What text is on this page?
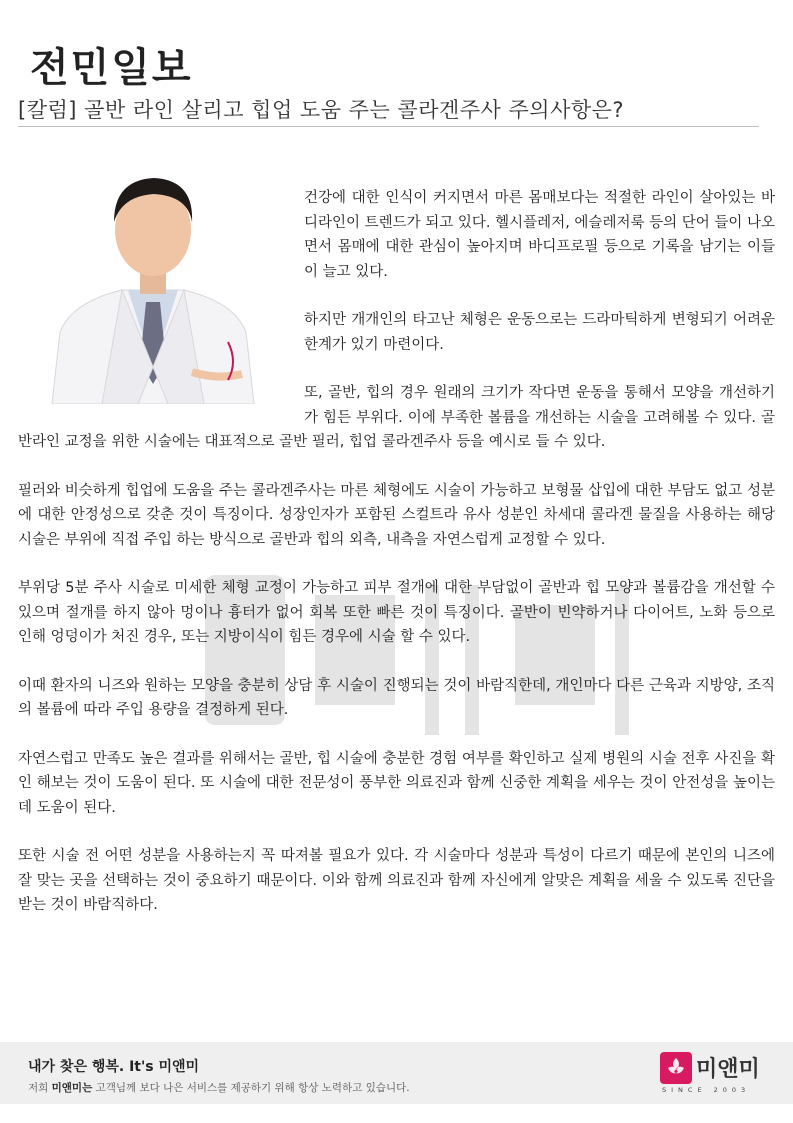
전민일보
[칼럼] 골반 라인 살리고 힙업 도움 주는 콜라겐주사 주의사항은?

건강에 대한 인식이 커지면서 마른 몸매보다는 적절한 라인이 살아있는 바디라인이 트렌드가 되고 있다. 헬시플레저, 에슬레저룩 등의 단어 들이 나오면서 몸매에 대한 관심이 높아지며 바디프로필 등으로 기록을 남기는 이들이 늘고 있다.

하지만 개개인의 타고난 체형은 운동으로는 드라마틱하게 변형되기 어려운 한계가 있기 마련이다.

또, 골반, 힙의 경우 원래의 크기가 작다면 운동을 통해서 모양을 개선하기가 힘든 부위다. 이에 부족한 볼륨을 개선하는 시술을 고려해볼 수 있다. 골반라인 교정을 위한 시술에는 대표적으로 골반 필러, 힙업 콜라겐주사 등을 예시로 들 수 있다.

필러와 비슷하게 힙업에 도움을 주는 콜라겐주사는 마른 체형에도 시술이 가능하고 보형물 삽입에 대한 부담도 없고 성분에 대한 안정성으로 갖춘 것이 특징이다. 성장인자가 포함된 스컬트라 유사 성분인 차세대 콜라겐 물질을 사용하는 해당 시술은 부위에 직접 주입 하는 방식으로 골반과 힙의 외측, 내측을 자연스럽게 교정할 수 있다.

부위당 5분 주사 시술로 미세한 체형 교정이 가능하고 피부 절개에 대한 부담없이 골반과 힙 모양과 볼륨감을 개선할 수 있으며 절개를 하지 않아 멍이나 흉터가 없어 회복 또한 빠른 것이 특징이다. 골반이 빈약하거나 다이어트, 노화 등으로 인해 엉덩이가 처진 경우, 또는 지방이식이 힘든 경우에 시술 할 수 있다.

이때 환자의 니즈와 원하는 모양을 충분히 상담 후 시술이 진행되는 것이 바람직한데, 개인마다 다른 근육과 지방양, 조직의 볼륨에 따라 주입 용량을 결정하게 된다.

자연스럽고 만족도 높은 결과를 위해서는 골반, 힙 시술에 충분한 경험 여부를 확인하고 실제 병원의 시술 전후 사진을 확인 해보는 것이 도움이 된다. 또 시술에 대한 전문성이 풍부한 의료진과 함께 신중한 계획을 세우는 것이 안전성을 높이는데 도움이 된다.

또한 시술 전 어떤 성분을 사용하는지 꼭 따져볼 필요가 있다. 각 시술마다 성분과 특성이 다르기 때문에 본인의 니즈에 잘 맞는 곳을 선택하는 것이 중요하기 때문이다. 이와 함께 의료진과 함께 자신에게 알맞은 계획을 세울 수 있도록 진단을 받는 것이 바람직하다.

내가 찾은 행복. It's 미앤미
저희 미앤미는 고객님께 보다 나은 서비스를 제공하기 위해 항상 노력하고 있습니다.
미앤미
SINCE 2003
